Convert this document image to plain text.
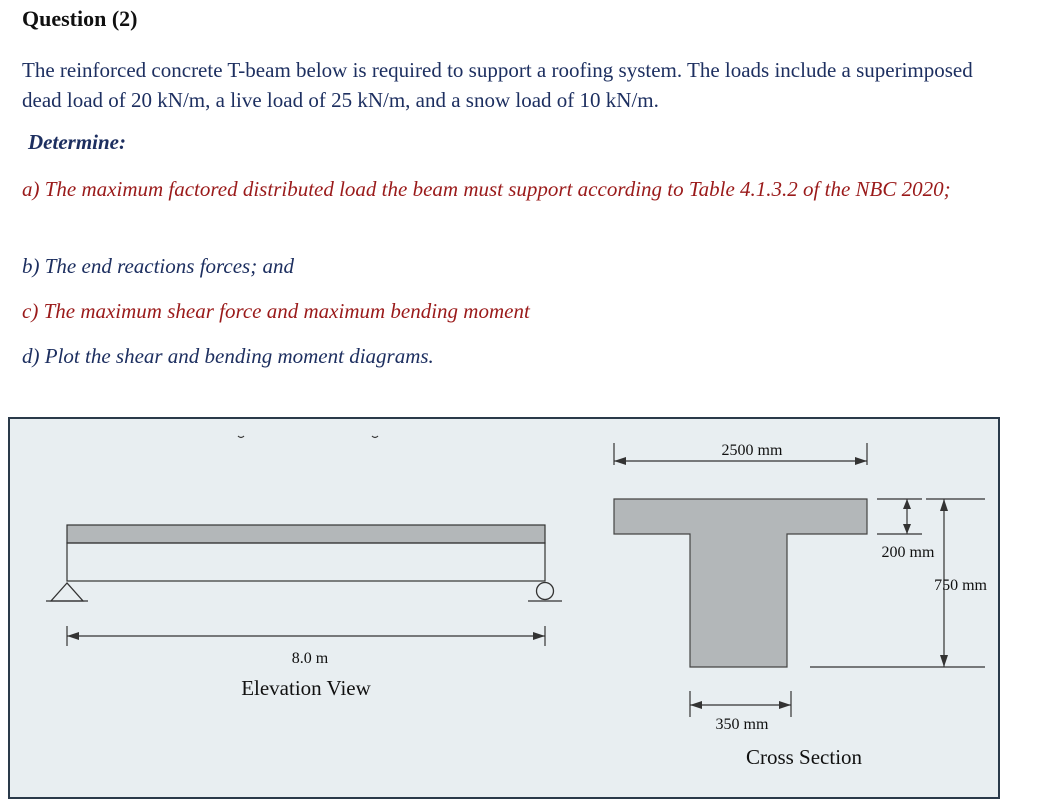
Question (2)
The reinforced concrete T-beam below is required to support a roofing system. The loads include a superimposed dead load of 20 kN/m, a live load of 25 kN/m, and a snow load of 10 kN/m.
Determine:
a) The maximum factored distributed load the beam must support according to Table 4.1.3.2 of the NBC 2020;
b) The end reactions forces; and
c) The maximum shear force and maximum bending moment
d) Plot the shear and bending moment diagrams.
8.0 m
Elevation View
2500 mm
200 mm
750 mm
350 mm
Cross Section
